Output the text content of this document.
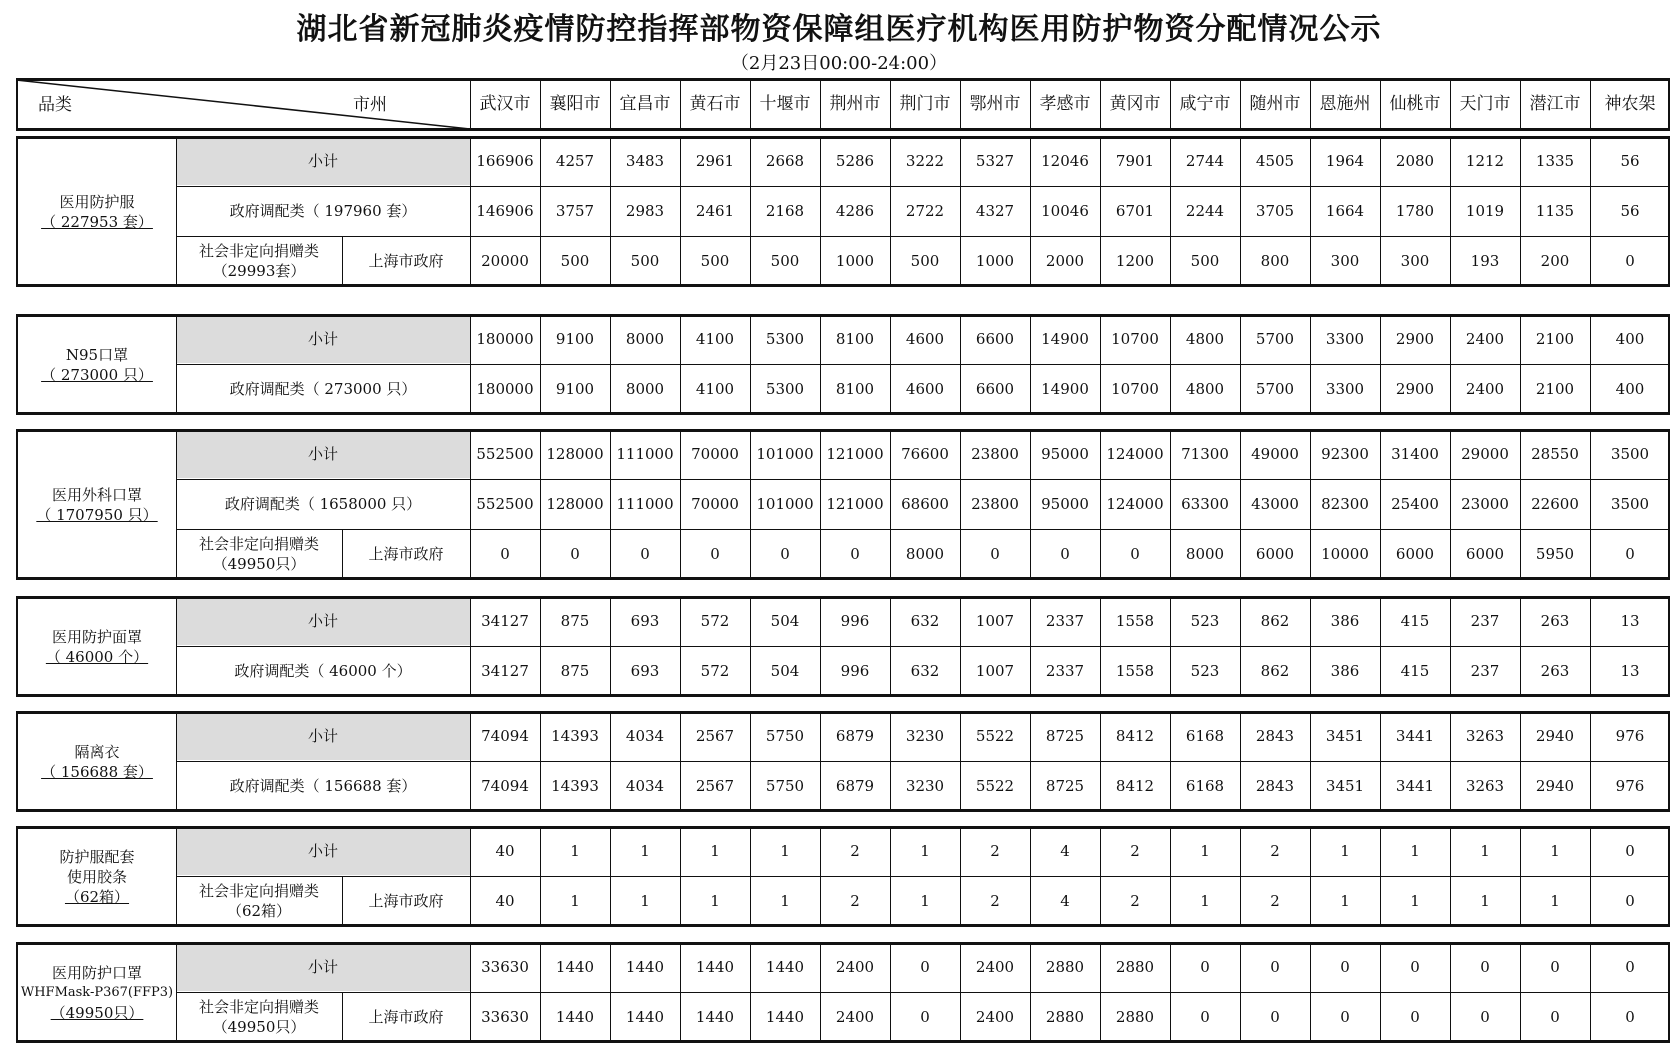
湖北省新冠肺炎疫情防控指挥部物资保障组医疗机构医用防护物资分配情况公示
（2月23日00:00-24:00）
品类	市州	武汉市	襄阳市	宜昌市	黄石市	十堰市	荆州市	荆门市	鄂州市	孝感市	黄冈市	咸宁市	随州市	恩施州	仙桃市	天门市	潜江市	神农架
医用防护服
（ 227953 套）
小计	166906	4257	3483	2961	2668	5286	3222	5327	12046	7901	2744	4505	1964	2080	1212	1335	56
政府调配类（ 197960 套）	146906	3757	2983	2461	2168	4286	2722	4327	10046	6701	2244	3705	1664	1780	1019	1135	56
社会非定向捐赠类
（29993套）
上海市政府	20000	500	500	500	500	1000	500	1000	2000	1200	500	800	300	300	193	200	0
N95口罩
（ 273000 只）
小计	180000	9100	8000	4100	5300	8100	4600	6600	14900	10700	4800	5700	3300	2900	2400	2100	400
政府调配类（ 273000 只）	180000	9100	8000	4100	5300	8100	4600	6600	14900	10700	4800	5700	3300	2900	2400	2100	400
医用外科口罩
（ 1707950 只）
小计	552500 128000 111000	70000	101000 121000	76600	23800	95000	124000	71300	49000	92300	31400	29000	28550	3500
政府调配类（ 1658000 只）	552500 128000 111000	70000	101000 121000	68600	23800	95000	124000	63300	43000	82300	25400	23000	22600	3500
社会非定向捐赠类
（49950只）
上海市政府	0	0	0	0	0	0	8000	0	0	0	8000	6000	10000	6000	6000	5950	0
医用防护面罩
（ 46000 个）
小计	34127	875	693	572	504	996	632	1007	2337	1558	523	862	386	415	237	263	13
政府调配类（ 46000 个）	34127	875	693	572	504	996	632	1007	2337	1558	523	862	386	415	237	263	13
隔离衣
（ 156688 套）
小计	74094	14393	4034	2567	5750	6879	3230	5522	8725	8412	6168	2843	3451	3441	3263	2940	976
政府调配类（ 156688 套）	74094	14393	4034	2567	5750	6879	3230	5522	8725	8412	6168	2843	3451	3441	3263	2940	976
防护服配套
使用胶条
（62箱）
小计	40	1	1	1	1	2	1	2	4	2	1	2	1	1	1	1	0
社会非定向捐赠类
（62箱）
上海市政府	40	1	1	1	1	2	1	2	4	2	1	2	1	1	1	1	0
医用防护口罩
WHFMask-P367(FFP3)
（49950只）
小计	33630	1440	1440	1440	1440	2400	0	2400	2880	2880	0	0	0	0	0	0	0
社会非定向捐赠类
（49950只）
上海市政府	33630	1440	1440	1440	1440	2400	0	2400	2880	2880	0	0	0	0	0	0	0
